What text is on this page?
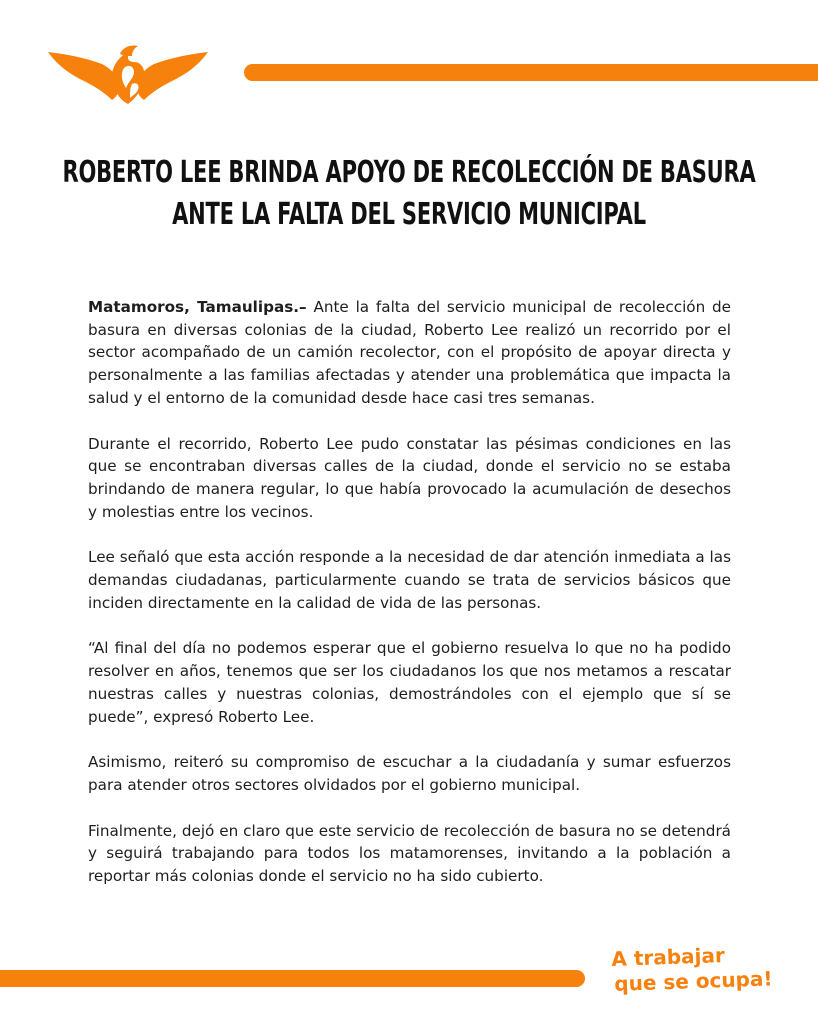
ROBERTO LEE BRINDA APOYO DE RECOLECCIÓN DE BASURA
ANTE LA FALTA DEL SERVICIO MUNICIPAL

Matamoros, Tamaulipas.– Ante la falta del servicio municipal de recolección de basura en diversas colonias de la ciudad, Roberto Lee realizó un recorrido por el sector acompañado de un camión recolector, con el propósito de apoyar directa y personalmente a las familias afectadas y atender una problemática que impacta la salud y el entorno de la comunidad desde hace casi tres semanas.

Durante el recorrido, Roberto Lee pudo constatar las pésimas condiciones en las que se encontraban diversas calles de la ciudad, donde el servicio no se estaba brindando de manera regular, lo que había provocado la acumulación de desechos y molestias entre los vecinos.

Lee señaló que esta acción responde a la necesidad de dar atención inmediata a las demandas ciudadanas, particularmente cuando se trata de servicios básicos que inciden directamente en la calidad de vida de las personas.

“Al final del día no podemos esperar que el gobierno resuelva lo que no ha podido resolver en años, tenemos que ser los ciudadanos los que nos metamos a rescatar nuestras calles y nuestras colonias, demostrándoles con el ejemplo que sí se puede”, expresó Roberto Lee.

Asimismo, reiteró su compromiso de escuchar a la ciudadanía y sumar esfuerzos para atender otros sectores olvidados por el gobierno municipal.

Finalmente, dejó en claro que este servicio de recolección de basura no se detendrá y seguirá trabajando para todos los matamorenses, invitando a la población a reportar más colonias donde el servicio no ha sido cubierto.

A trabajar
que se ocupa!
